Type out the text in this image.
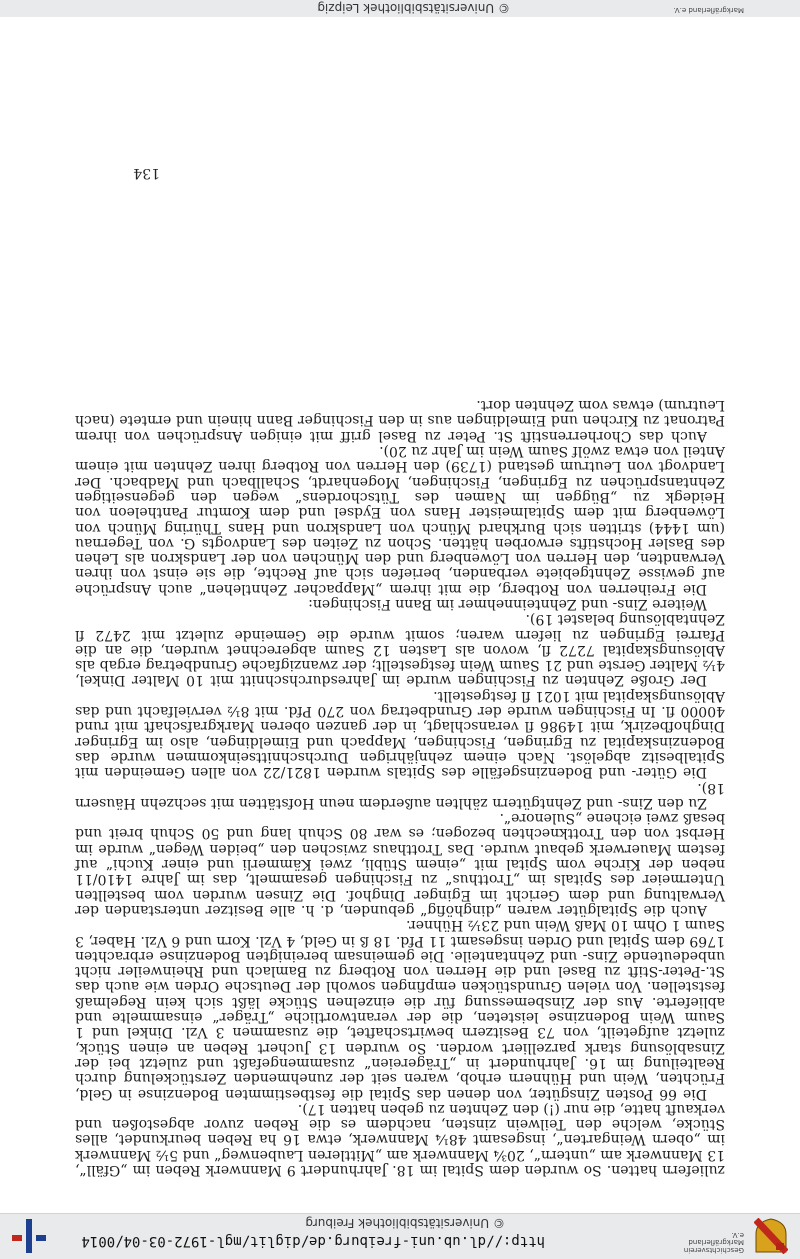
Geschichtsverein Markgräflerland e.V.
http://dl.ub.uni-freiburg.de/diglit/mgl-1972-03-04/0014
© Universitätsbibliothek Freiburg

zuliefern hatten. So wurden dem Spital im 18. Jahrhundert 9 Mannwerk Reben im „Gfäll“, 13 Mannwerk am „untern“, 20¾ Mannwerk am „Mittleren Laubenweg“ und 5½ Mannwerk im „obern Weingarten“, insgesamt 48¼ Mannwerk, etwa 16 ha Reben beurkundet, alles Stücke, welche den Teilwein zinsten, nachdem es die Reben zuvor abgestoßen und verkauft hatte, die nur (!) den Zehnten zu geben hatten 17).

Die 66 Posten Zinsgüter, von denen das Spital die festbestimmten Bodenzinse in Geld, Früchten, Wein und Hühnern erhob, waren seit der zunehmenden Zerstückelung durch Realteilung im 16. Jahrhundert in „Trägereien“ zusammengefaßt und zuletzt bei der Zinsablösung stark parzelliert worden. So wurden 13 Juchert Reben an einen Stück, zuletzt aufgeteilt, von 73 Besitzern bewirtschaftet, die zusammen 3 Vzl. Dinkel und 1 Saum Wein Bodenzinse leisteten, die der verantwortliche „Träger“ einsammelte und ablieferte. Aus der Zinsbemessung für die einzelnen Stücke läßt sich kein Regelmaß feststellen. Von vielen Grundstücken empfingen sowohl der Deutsche Orden wie auch das St.-Peter-Stift zu Basel und die Herren von Rotberg zu Bamlach und Rheinweiler nicht unbedeutende Zins- und Zehntanteile. Die gemeinsam bereinigten Bodenzinse erbrachten 1769 dem Spital und Orden insgesamt 11 Pfd. 18 ß in Geld, 4 Vzl. Korn und 6 Vzl. Haber, 3 Saum 1 Ohm 10 Maß Wein und 23½ Hühner.

Auch die Spitalgüter waren „dinghöfig“ gebunden, d. h. alle Besitzer unterstanden der Verwaltung und dem Gericht im Eginger Dinghof. Die Zinsen wurden vom bestellten Untermeier des Spitals im „Trotthus“ zu Fischingen gesammelt, das im Jahre 1410/11 neben der Kirche vom Spital mit „einem Stübli, zwei Kämmerli und einer Kuchi“ auf festem Mauerwerk gebaut wurde. Das Trotthaus zwischen den „beiden Wegen“ wurde im Herbst von den Trottknechten bezogen; es war 80 Schuh lang und 50 Schuh breit und besaß zwei eichene „Sulenore“.

Zu den Zins- und Zehntgütern zählten außerdem neun Hofstätten mit sechzehn Häusern 18).

Die Güter- und Bodenzinsgefälle des Spitals wurden 1821/22 von allen Gemeinden mit Spitalbesitz abgelöst. Nach einem zehnjährigen Durchschnittseinkommen wurde das Bodenzinskapital zu Egringen, Fischingen, Mappach und Eimeldingen, also im Egringer Dinghofbezirk, mit 14986 fl veranschlagt, in der ganzen oberen Markgrafschaft mit rund 40000 fl. In Fischingen wurde der Grundbetrag von 270 Pfd. mit 8½ vervielfacht und das Ablösungskapital mit 1021 fl festgestellt.

Der Große Zehnten zu Fischingen wurde im Jahresdurchschnitt mit 10 Malter Dinkel, 4½ Malter Gerste und 21 Saum Wein festgestellt; der zwanzigfache Grundbetrag ergab als Ablösungskapital 7272 fl, wovon als Lasten 12 Saum abgerechnet wurden, die an die Pfarrei Egringen zu liefern waren; somit wurde die Gemeinde zuletzt mit 2472 fl Zehntablösung belastet 19).

Weitere Zins- und Zehnteinnehmer im Bann Fischingen:

Die Freiherren von Rotberg, die mit ihrem „Mappacher Zehntlehen“ auch Ansprüche auf gewisse Zehntgebiete verbanden, beriefen sich auf Rechte, die sie einst von ihren Verwandten, den Herren von Löwenberg und den München von der Landskron als Lehen des Basler Hochstifts erworben hätten. Schon zu Zeiten des Landvogts G. von Tegernau (um 1444) stritten sich Burkhard Münch von Landskron und Hans Thüring Münch von Löwenberg mit dem Spitalmeister Hans von Eydsel und dem Komtur Pantheleon von Heidegk zu „Büggen im Namen des Tütschordens“ wegen den gegenseitigen Zehntansprüchen zu Egringen, Fischingen, Mogenhardt, Schallbach und Madbach. Der Landvogt von Leutrum gestand (1739) den Herren von Rotberg ihren Zehnten mit einem Anteil von etwa zwölf Saum Wein im Jahr zu 20).

Auch das Chorherrenstift St. Peter zu Basel griff mit einigen Ansprüchen von ihrem Patronat zu Kirchen und Eimeldingen aus in den Fischinger Bann hinein und erntete (nach Leutrum) etwas vom Zehnten dort.

134
Markgräflerland e.V.
© Universitätsbibliothek Leipzig
